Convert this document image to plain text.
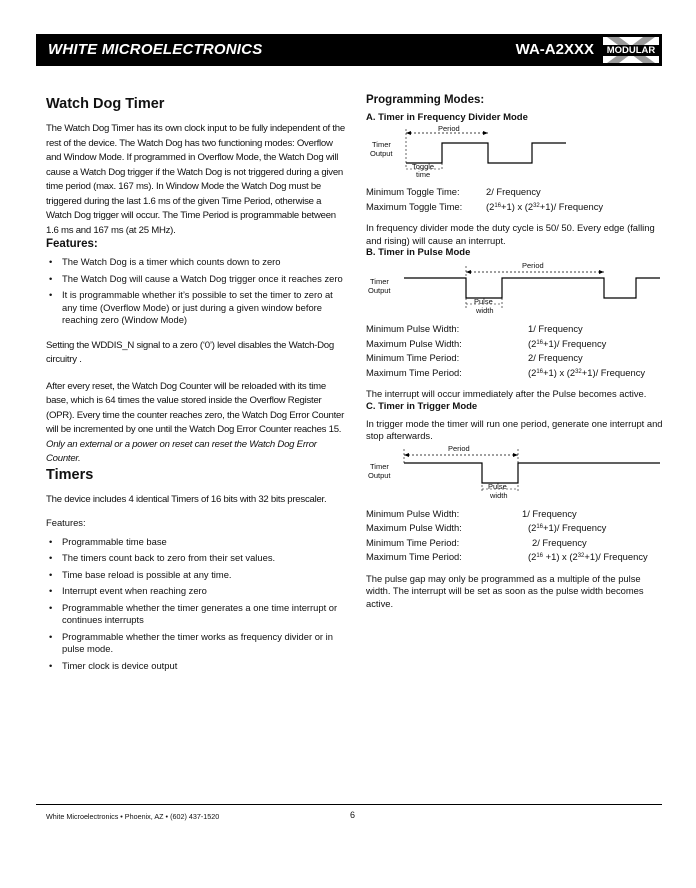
WHITE MICROELECTRONICS	WA-A2XXX	MODULAR
Watch Dog Timer

The Watch Dog Timer has its own clock input to be fully independent of the rest of the device. The Watch Dog has two functioning modes: Overflow and Window Mode. If programmed in Overflow Mode, the Watch Dog will cause a Watch Dog trigger if the Watch Dog is not triggered during a given time period (max. 167 ms). In Window Mode the Watch Dog must be triggered during the last 1.6 ms of the given Time Period, otherwise a Watch Dog trigger will occur. The Time Period is programmable between 1.6 ms and 167 ms (at 25 MHz).

Features:
• The Watch Dog is a timer which counts down to zero
• The Watch Dog will cause a Watch Dog trigger once it reaches zero
• It is programmable whether it’s possible to set the timer to zero at any time (Overflow Mode) or just during a given window before reaching zero (Window Mode)

Setting the WDDIS_N signal to a zero (‘0’) level disables the Watch-Dog circuitry .

After every reset, the Watch Dog Counter will be reloaded with its time base, which is 64 times the value stored inside the Overflow Register (OPR). Every time the counter reaches zero, the Watch Dog Error Counter will be incremented by one until the Watch Dog Error Counter reaches 15. Only an external or a power on reset can reset the Watch Dog Error Counter.

Timers

The device includes 4 identical Timers of 16 bits with 32 bits prescaler.

Features:

• Programmable time base
• The timers count back to zero from their set values.
• Time base reload is possible at any time.
• Interrupt event when reaching zero
• Programmable whether the timer generates a one time interrupt or continues interrupts
• Programmable whether the timer works as frequency divider or in pulse mode.
• Timer clock is device output
Programming Modes:
A. Timer in Frequency Divider Mode
Period
Timer
Output
Toggle
time
Minimum Toggle Time:	2/ Frequency
Maximum Toggle Time:	$(2^{16}+1)$ x $(2^{32}+1)/$ Frequency

In frequency divider mode the duty cycle is 50/ 50. Every edge (falling and rising) will cause an interrupt.

B. Timer in Pulse Mode
Period
Timer
Output
Pulse
width
Minimum Pulse Width:	1/ Frequency
Maximum Pulse Width:	$(2^{16}+1)/$ Frequency
Minimum Time Period:	2/ Frequency
Maximum Time Period:	$(2^{16}+1)$ x $(2^{32}+1)/$ Frequency

The interrupt will occur immediately after the Pulse becomes active.

C. Timer in Trigger Mode

In trigger mode the timer will run one period, generate one interrupt and stop afterwards.

Period
Timer
Output
Pulse
width
Minimum Pulse Width:	1/ Frequency
Maximum Pulse Width:	$(2^{16}+1)/$ Frequency
Minimum Time Period:	2/ Frequency
Maximum Time Period:	$(2^{16} +1)$ x $(2^{32}+1)/$ Frequency

The pulse gap may only be programmed as a multiple of the pulse width. The interrupt will be set as soon as the pulse width becomes active.

White Microelectronics • Phoenix, AZ • (602) 437-1520	6
